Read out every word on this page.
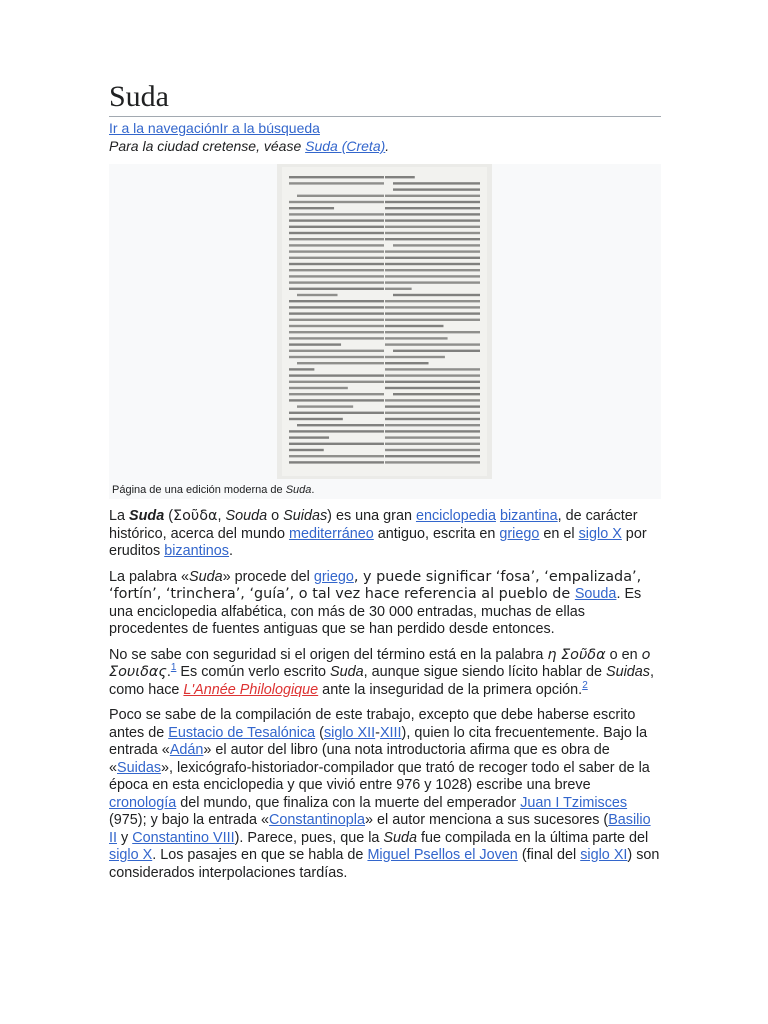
Suda
Ir a la navegaciónIr a la búsqueda
Para la ciudad cretense, véase Suda (Creta).
Página de una edición moderna de Suda.

La Suda (Σοῦδα, Souda o Suidas) es una gran enciclopedia bizantina, de carácter histórico, acerca del mundo mediterráneo antiguo, escrita en griego en el siglo X por eruditos bizantinos.

La palabra «Suda» procede del griego, y puede significar ‘fosa’, ‘empalizada’, ‘fortín’, ‘trinchera’, ‘guía’, o tal vez hace referencia al pueblo de Souda. Es una enciclopedia alfabética, con más de 30 000 entradas, muchas de ellas procedentes de fuentes antiguas que se han perdido desde entonces.

No se sabe con seguridad si el origen del término está en la palabra η Σοῦδα o en ο Σουιδας.$^1$ Es común verlo escrito Suda, aunque sigue siendo lícito hablar de Suidas, como hace L'Année Philologique ante la inseguridad de la primera opción.$^2$

Poco se sabe de la compilación de este trabajo, excepto que debe haberse escrito antes de Eustacio de Tesalónica (siglo XII-XIII), quien lo cita frecuentemente. Bajo la entrada «Adán» el autor del libro (una nota introductoria afirma que es obra de «Suidas», lexicógrafo-historiador-compilador que trató de recoger todo el saber de la época en esta enciclopedia y que vivió entre 976 y 1028) escribe una breve cronología del mundo, que finaliza con la muerte del emperador Juan I Tzimisces (975); y bajo la entrada «Constantinopla» el autor menciona a sus sucesores (Basilio II y Constantino VIII). Parece, pues, que la Suda fue compilada en la última parte del siglo X. Los pasajes en que se habla de Miguel Psellos el Joven (final del siglo XI) son considerados interpolaciones tardías.
